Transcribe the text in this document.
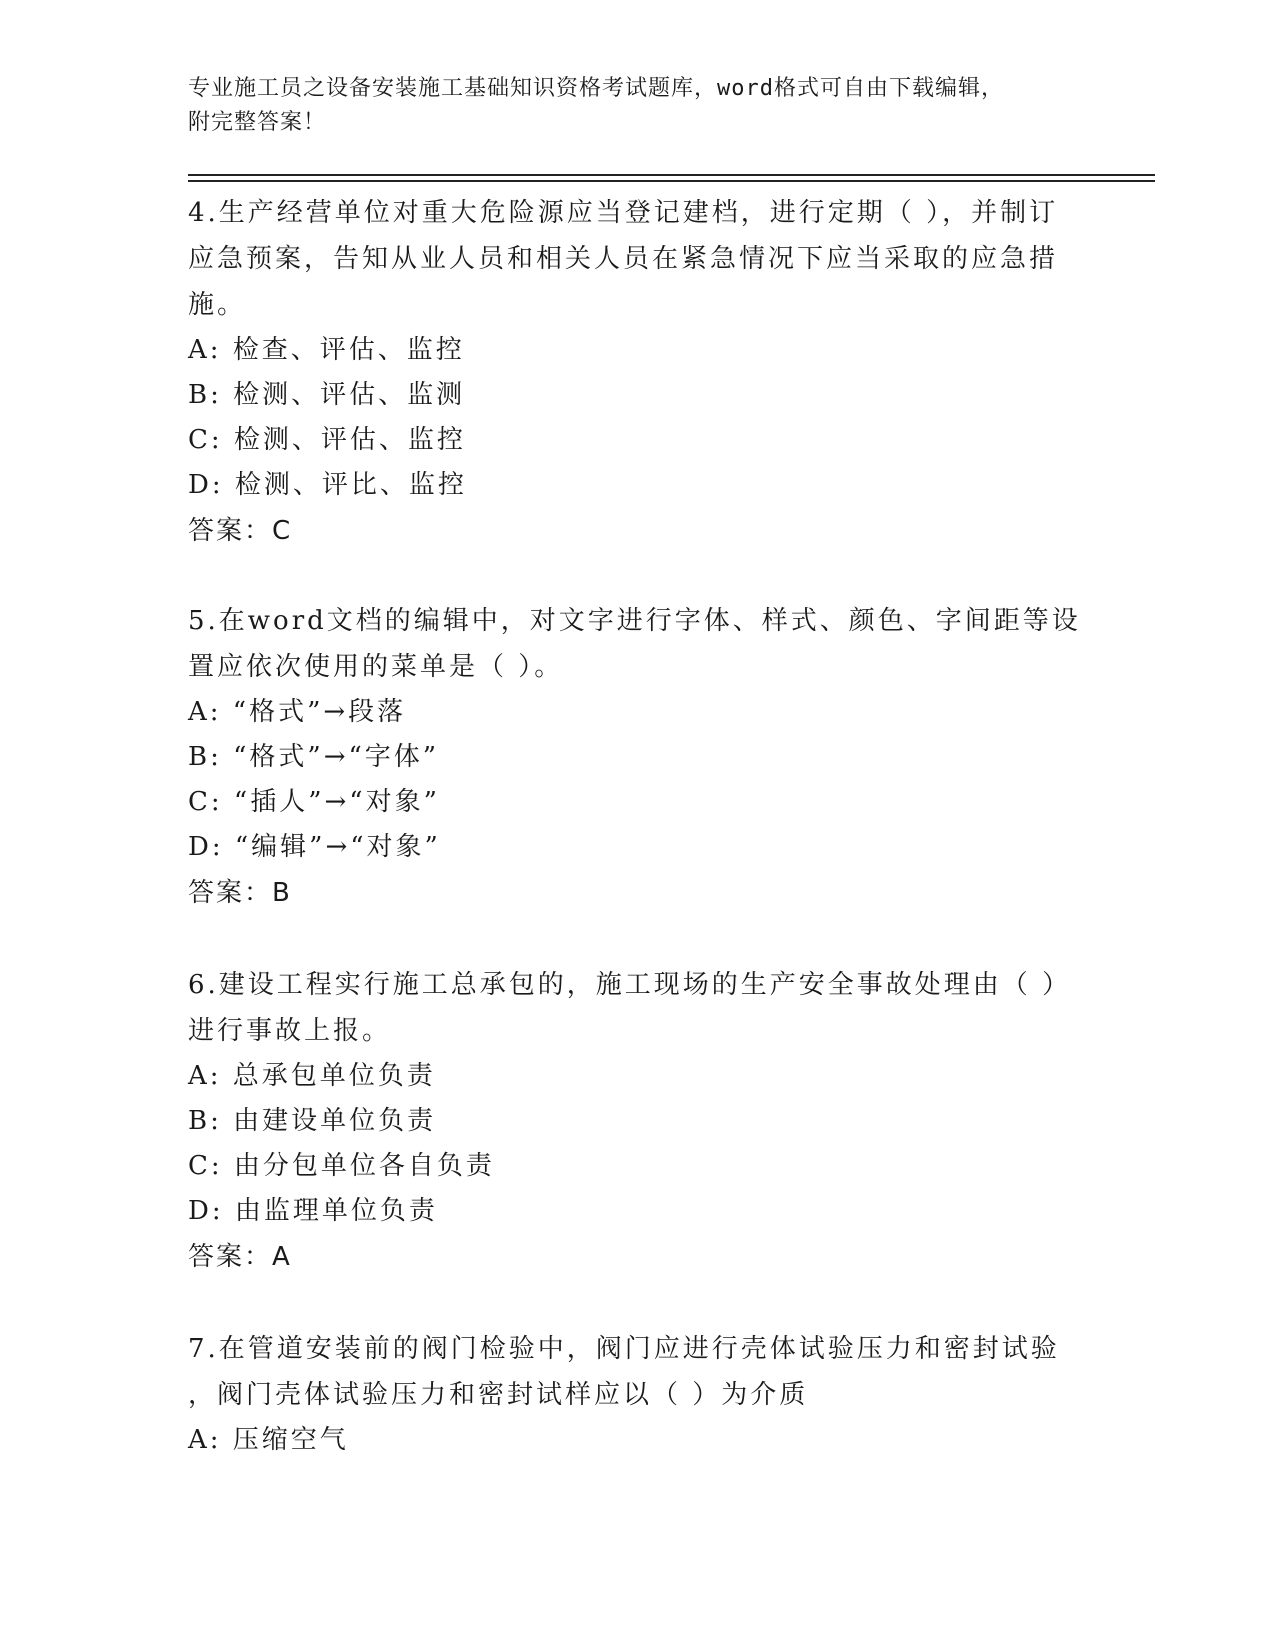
专业施工员之设备安装施工基础知识资格考试题库，word格式可自由下载编辑，
附完整答案！

4.生产经营单位对重大危险源应当登记建档，进行定期（ ），并制订
应急预案，告知从业人员和相关人员在紧急情况下应当采取的应急措
施。

A: 检查、评估、监控

B: 检测、评估、监测

C: 检测、评估、监控

D: 检测、评比、监控

答案：C

5.在word文档的编辑中，对文字进行字体、样式、颜色、字间距等设
置应依次使用的菜单是（ ）。

A: “格式”→段落

B: “格式”→“字体”

C: “插人”→“对象”

D: “编辑”→“对象”

答案：B

6.建设工程实行施工总承包的，施工现场的生产安全事故处理由（ ）
进行事故上报。

A: 总承包单位负责

B: 由建设单位负责

C: 由分包单位各自负责

D: 由监理单位负责

答案：A

7.在管道安装前的阀门检验中，阀门应进行壳体试验压力和密封试验
，阀门壳体试验压力和密封试样应以（ ）为介质

A: 压缩空气
